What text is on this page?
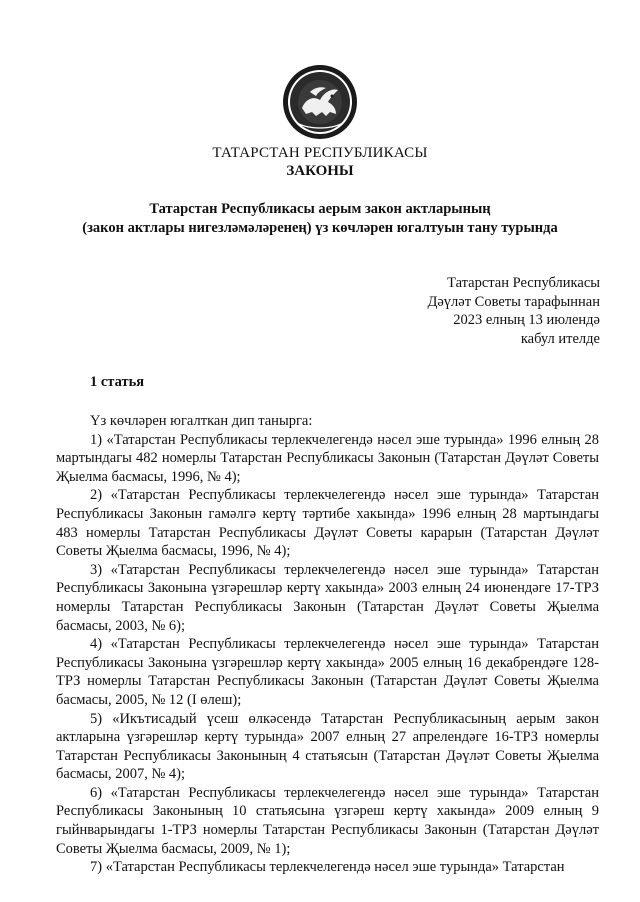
ТАТАРСТАН РЕСПУБЛИКАСЫ
ЗАКОНЫ
Татарстан Республикасы аерым закон актларының
(закон актлары нигезләмәләренең) үз көчләрен югалтуын тану турында
Татарстан Республикасы
Дәүләт Советы тарафыннан
2023 елның 13 июлендә
кабул ителде
1 статья

Үз көчләрен югалткан дип танырга:

1) «Татарстан Республикасы терлекчелегендә нәсел эше турында» 1996 елның 28 мартындагы 482 номерлы Татарстан Республикасы Законын (Татарстан Дәүләт Советы Җыелма басмасы, 1996, № 4);

2) «Татарстан Республикасы терлекчелегендә нәсел эше турында» Татарстан Республикасы Законын гамәлгә кертү тәртибе хакында» 1996 елның 28 мартындагы 483 номерлы Татарстан Республикасы Дәүләт Советы карарын (Татарстан Дәүләт Советы Җыелма басмасы, 1996, № 4);

3) «Татарстан Республикасы терлекчелегендә нәсел эше турында» Татарстан Республикасы Законына үзгәрешләр кертү хакында» 2003 елның 24 июнендәге 17-ТРЗ номерлы Татарстан Республикасы Законын (Татарстан Дәүләт Советы Җыелма басмасы, 2003, № 6);

4) «Татарстан Республикасы терлекчелегендә нәсел эше турында» Татарстан Республикасы Законына үзгәрешләр кертү хакында» 2005 елның 16 декабрендәге 128-ТРЗ номерлы Татарстан Республикасы Законын (Татарстан Дәүләт Советы Җыелма басмасы, 2005, № 12 (I өлеш);

5) «Икътисадый үсеш өлкәсендә Татарстан Республикасының аерым закон актларына үзгәрешләр кертү турында» 2007 елның 27 апрелендәге 16-ТРЗ номерлы Татарстан Республикасы Законының 4 статьясын (Татарстан Дәүләт Советы Җыелма басмасы, 2007, № 4);

6) «Татарстан Республикасы терлекчелегендә нәсел эше турында» Татарстан Республикасы Законының 10 статьясына үзгәреш кертү хакында» 2009 елның 9 гыйнварындагы 1-ТРЗ номерлы Татарстан Республикасы Законын (Татарстан Дәүләт Советы Җыелма басмасы, 2009, № 1);

7) «Татарстан Республикасы терлекчелегендә нәсел эше турында» Татарстан
